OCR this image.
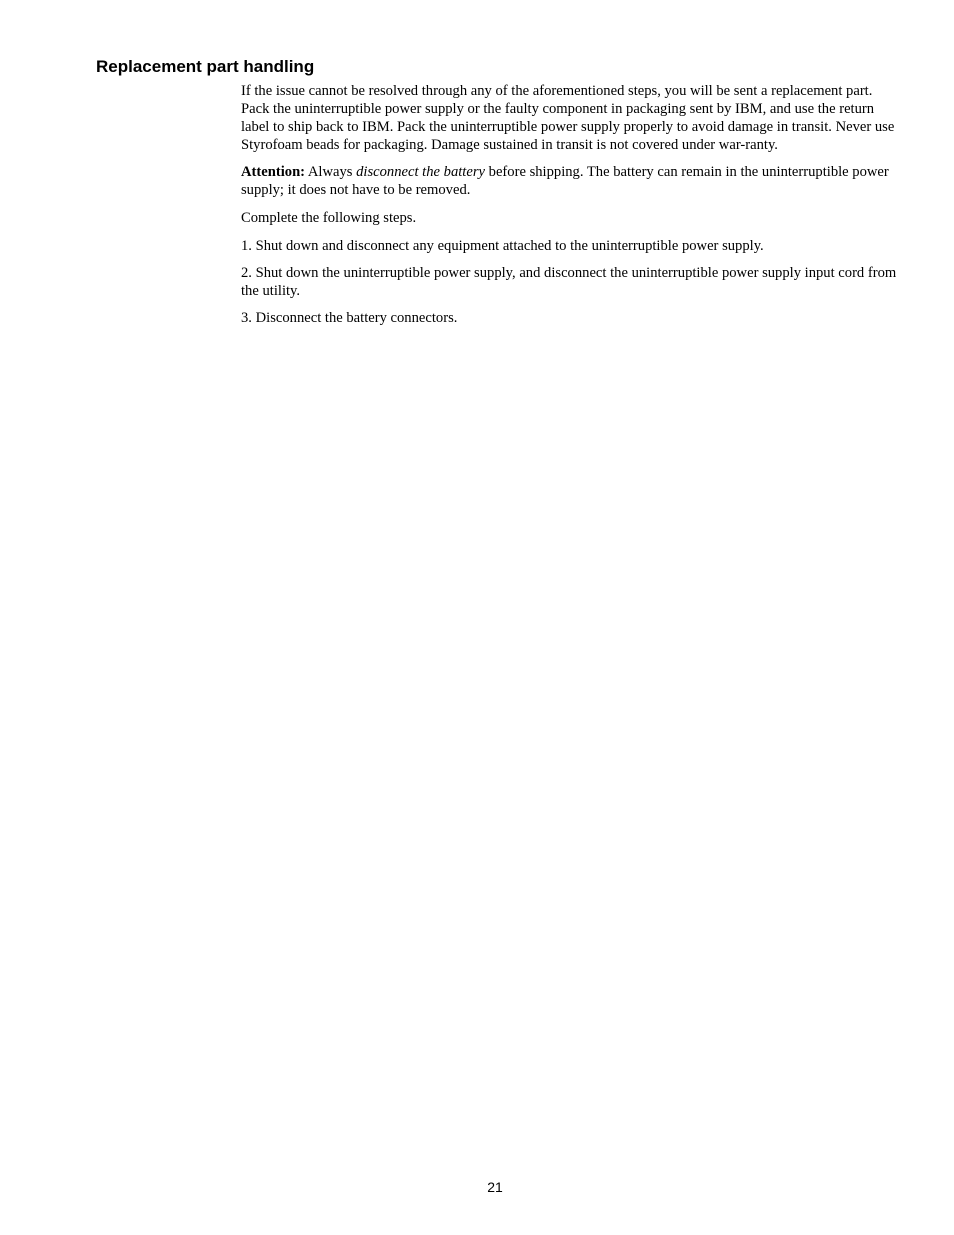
Replacement part handling

If the issue cannot be resolved through any of the aforementioned steps, you will be sent a replacement part. Pack the uninterruptible power supply or the faulty component in packaging sent by IBM, and use the return label to ship back to IBM. Pack the uninterruptible power supply properly to avoid damage in transit. Never use Styrofoam beads for packaging. Damage sustained in transit is not covered under war-ranty.

Attention: Always disconnect the battery before shipping. The battery can remain in the uninterruptible power supply; it does not have to be removed.

Complete the following steps.

1. Shut down and disconnect any equipment attached to the uninterruptible power supply.

2. Shut down the uninterruptible power supply, and disconnect the uninterruptible power supply input cord from the utility.

3. Disconnect the battery connectors.

21
